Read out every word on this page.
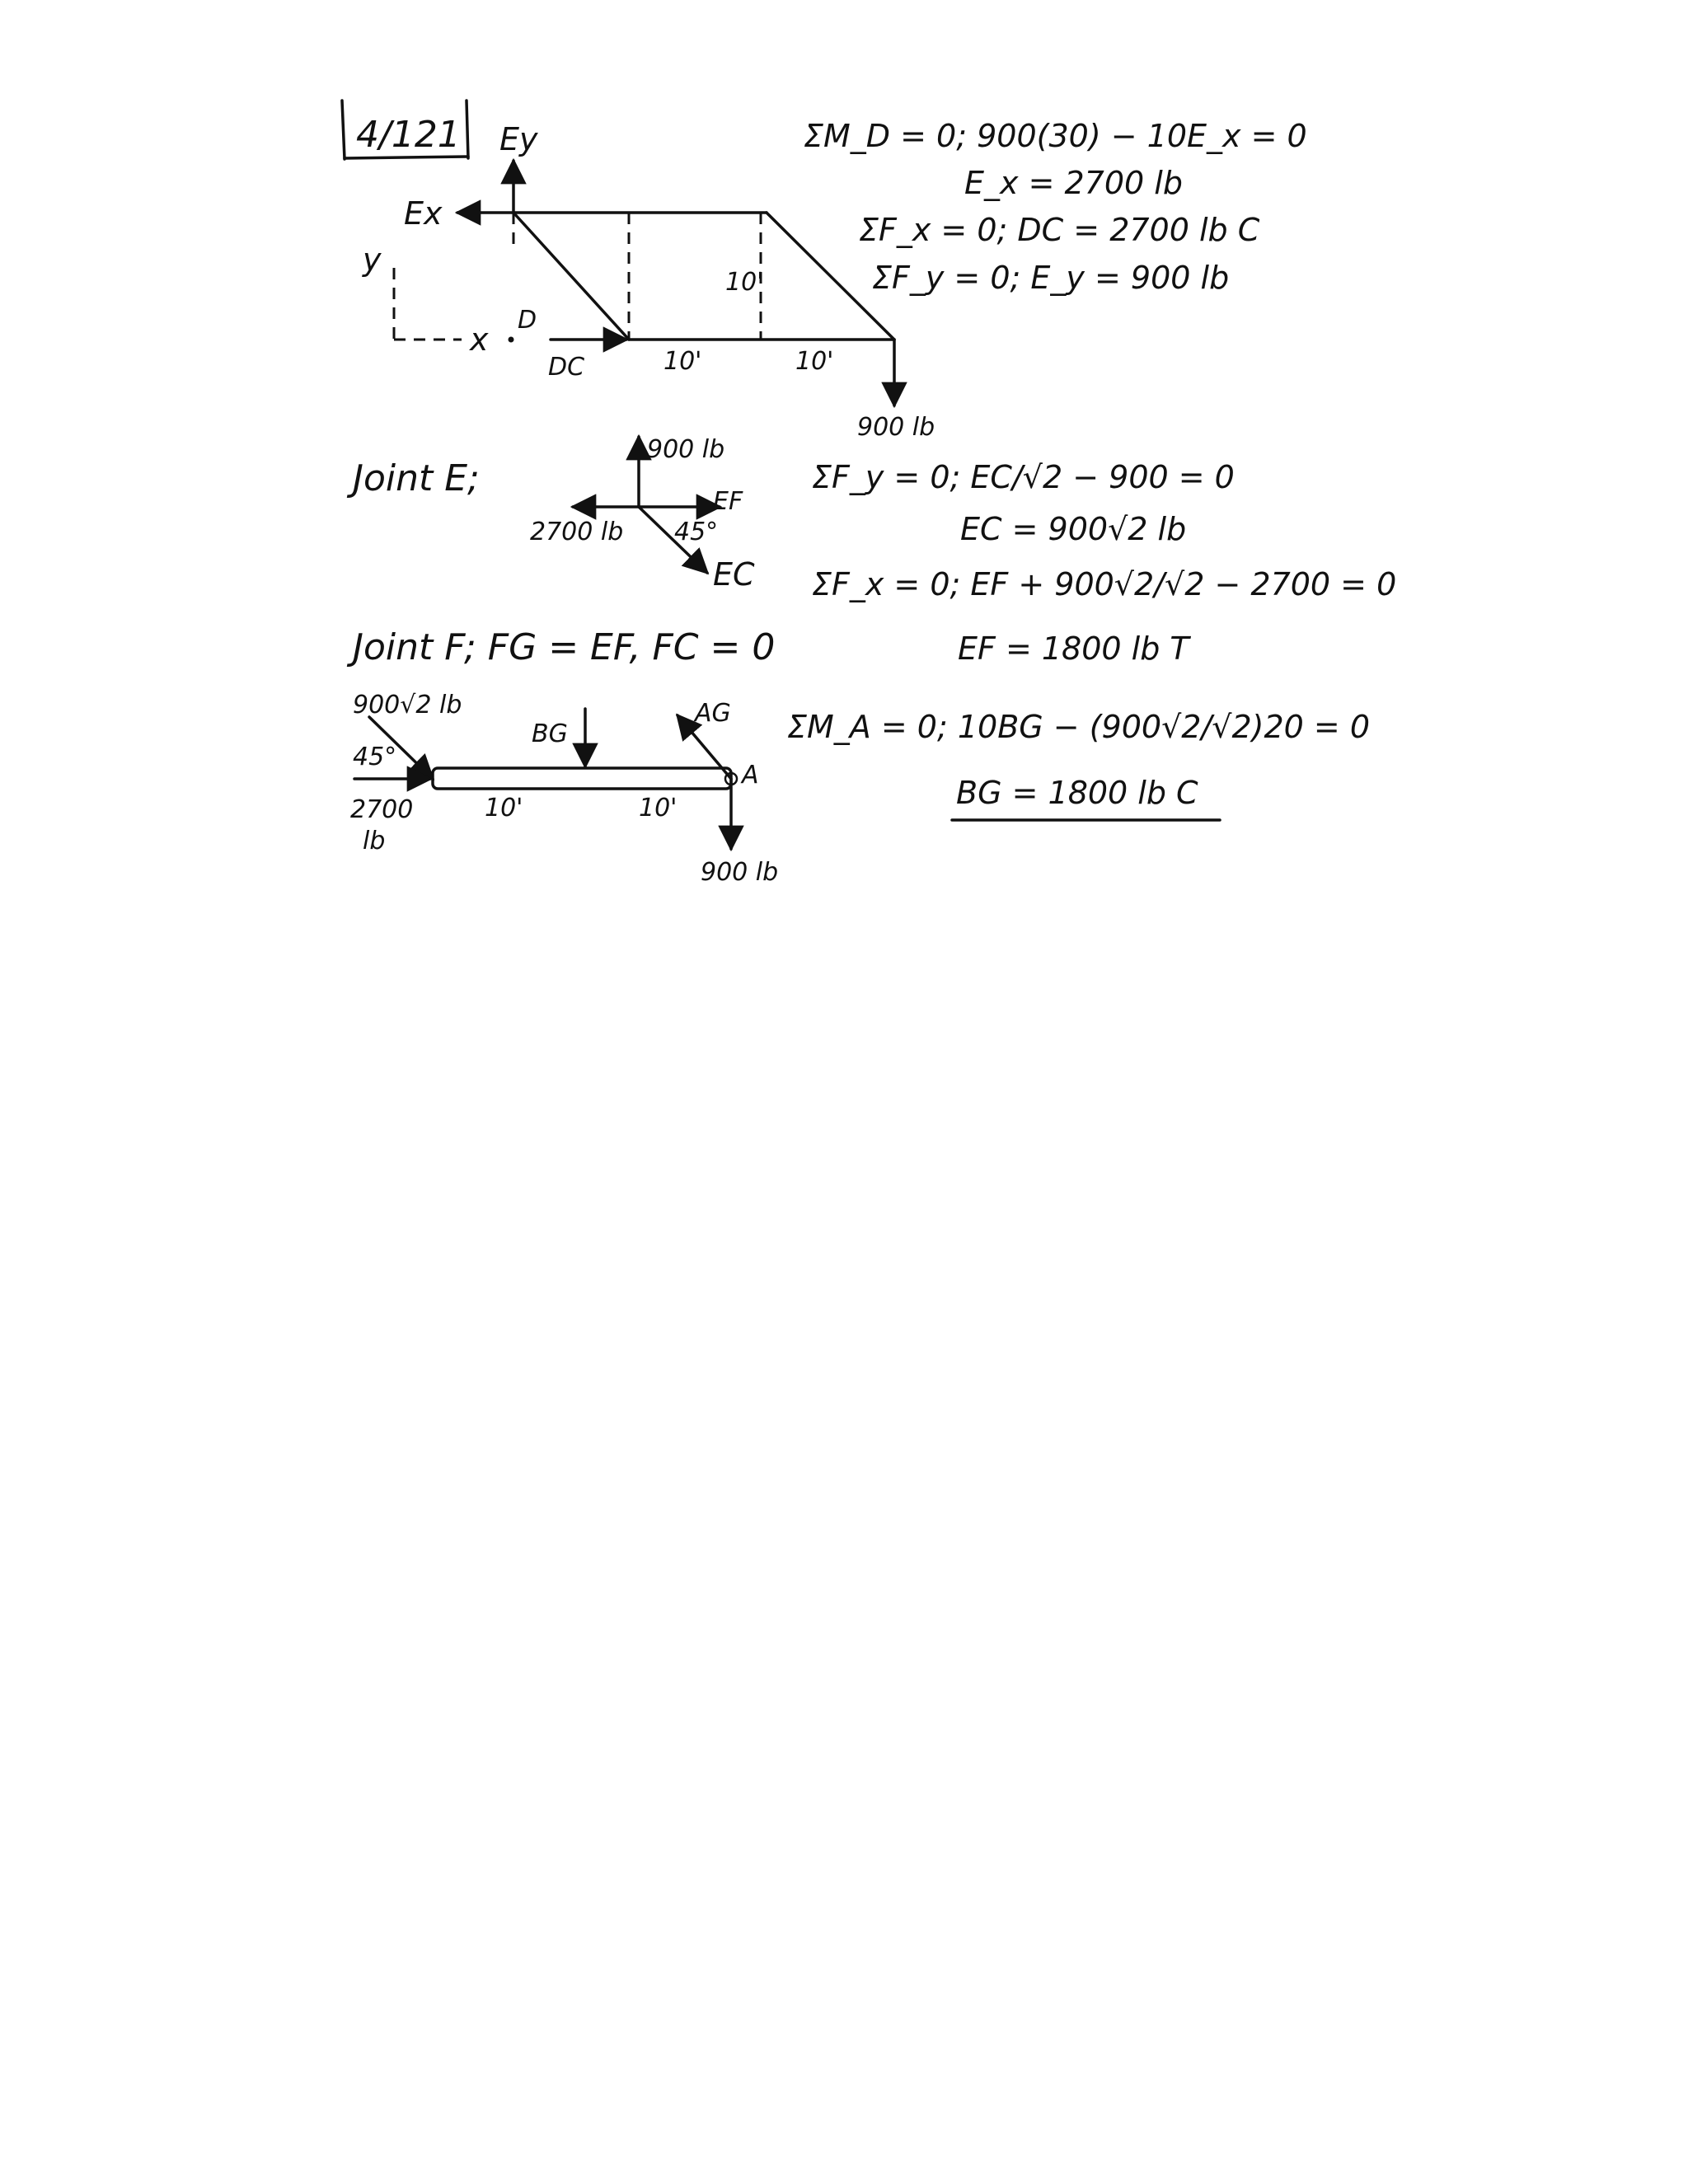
4/121 Ey
Ex
y
x
D
DC
10'
10'	10'
900 lb
ΣM_D = 0; 900(30) − 10E_x = 0
E_x = 2700 lb
ΣF_x = 0; DC = 2700 lb C
ΣF_y = 0; E_y = 900 lb
Joint E;
900 lb
2700 lb
EF
45°
EC
ΣF_y = 0; EC/√2 − 900 = 0
EC = 900√2 lb
ΣF_x = 0; EF + 900√2/√2 − 2700 = 0
EF = 1800 lb T
Joint F; FG = EF, FC = 0
900√2 lb
45°
2700
lb
BG
AG
A
10'	10'
900 lb
ΣM_A = 0; 10BG − (900√2/√2)20 = 0
BG = 1800 lb C
